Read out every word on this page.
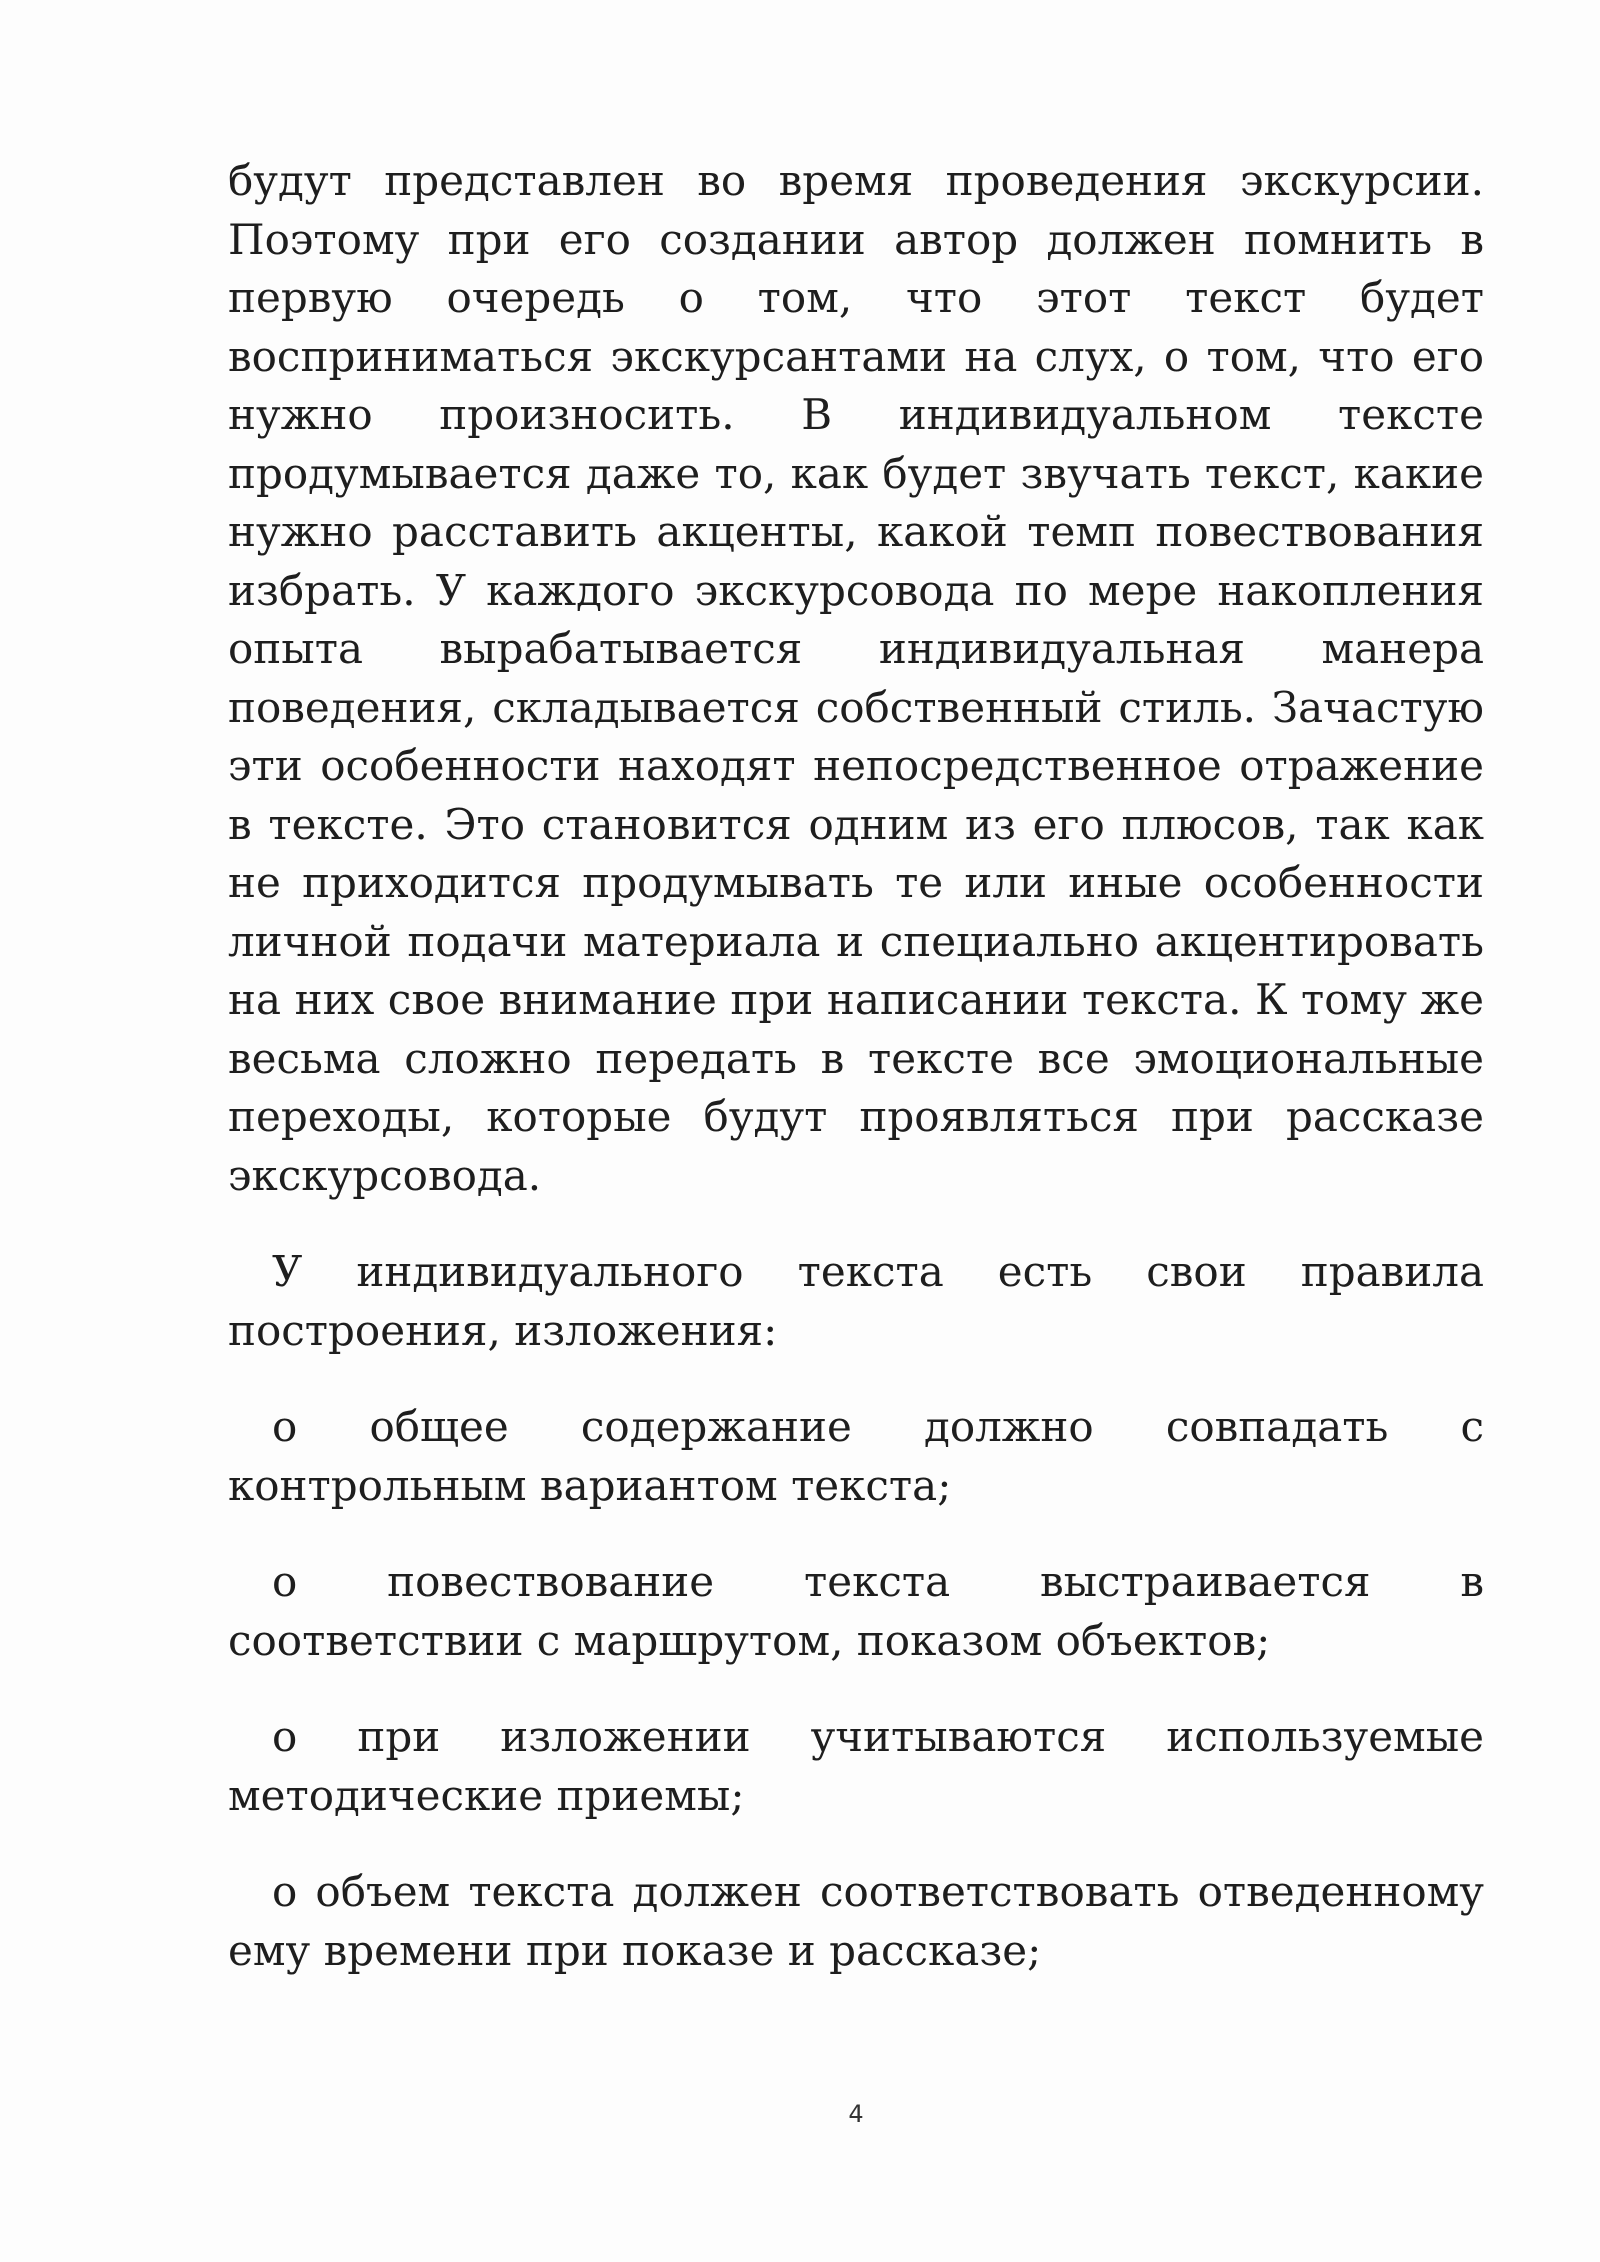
будут представлен во время проведения экскурсии. Поэтому при его создании автор должен помнить в первую очередь о том, что этот текст будет восприниматься экскурсантами на слух, о том, что его нужно произносить. В индивидуальном тексте продумывается даже то, как будет звучать текст, какие нужно расставить акценты, какой темп повествования избрать. У каждого экскурсовода по мере накопления опыта вырабатывается индивидуальная манера поведения, складывается собственный стиль. Зачастую эти особенности находят непосредственное отражение в тексте. Это становится одним из его плюсов, так как не приходится продумывать те или иные особенности личной подачи материала и специально акцентировать на них свое внимание при написании текста. К тому же весьма сложно передать в тексте все эмоциональные переходы, которые будут проявляться при рассказе экскурсовода.

У индивидуального текста есть свои правила построения, изложения:

o общее содержание должно совпадать с контрольным вариантом текста;
o повествование текста выстраивается в соответствии с маршрутом, показом объектов;
o при изложении учитываются используемые методические приемы;
o объем текста должен соответствовать отведенному ему времени при показе и рассказе;
4
